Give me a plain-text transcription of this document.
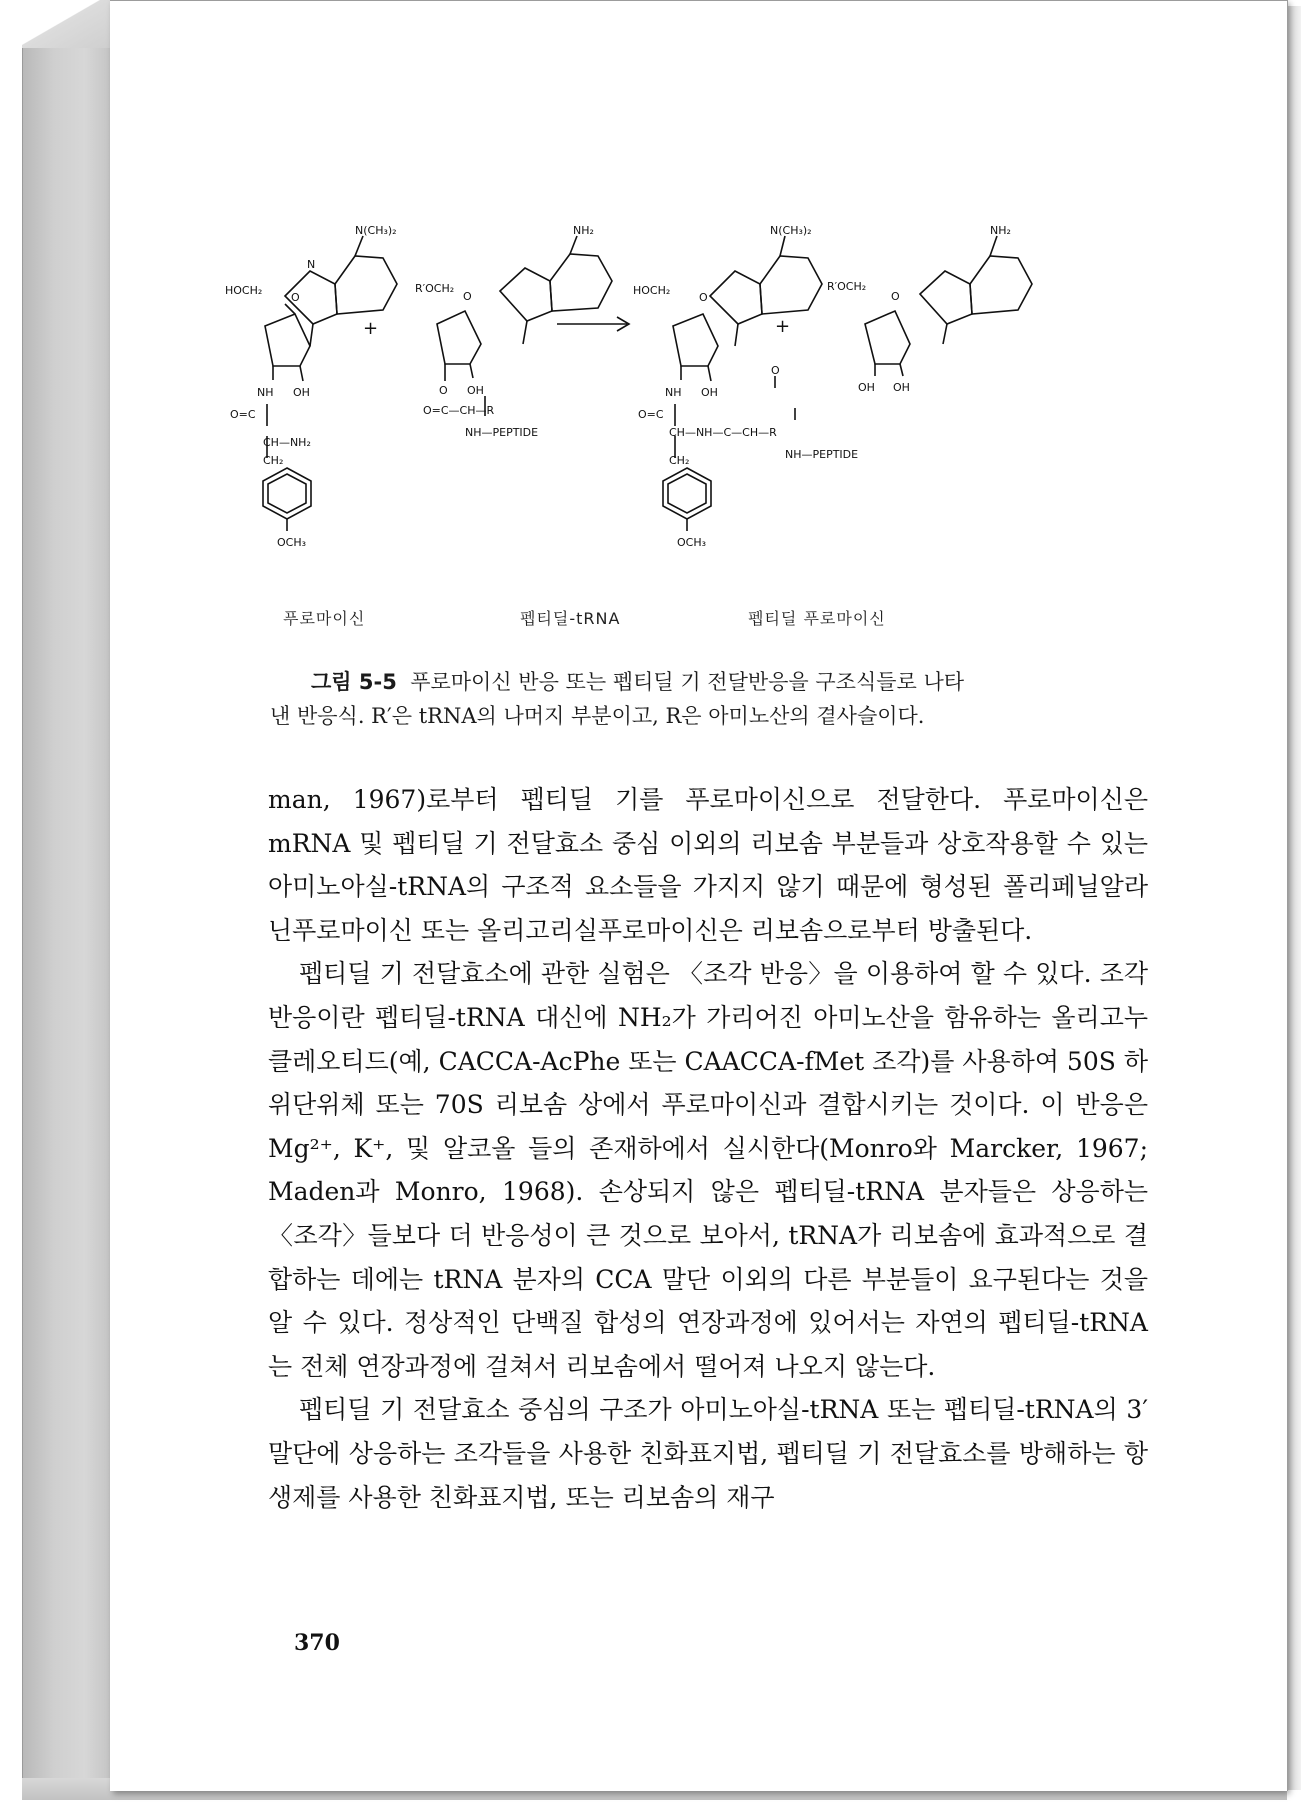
N(CH₃)₂
N
HOCH₂
O
NH OH
O=C
CH—NH₂
CH₂
OCH₃
+
NH₂
R′OCH₂
O
O OH
O=C—CH—R
NH—PEPTIDE
N(CH₃)₂
HOCH₂
O
NH OH
O=C
O
CH—NH—C—CH—R
NH—PEPTIDE
CH₂
OCH₃
+
NH₂
R′OCH₂
O
OH OH
푸로마이신	펩티딜-tRNA	펩티딜 푸로마이신
그림 5-5 푸로마이신 반응 또는 펩티딜 기 전달반응을 구조식들로 나타
낸 반응식. R′은 tRNA의 나머지 부분이고, R은 아미노산의 곁사슬이다.

man, 1967)로부터 펩티딜 기를 푸로마이신으로 전달한다. 푸로마이신은 mRNA 및 펩티딜 기 전달효소 중심 이외의 리보솜 부분들과 상호작용할 수 있는 아미노아실-tRNA의 구조적 요소들을 가지지 않기 때문에 형성된 폴리페닐알라닌푸로마이신 또는 올리고리실푸로마이신은 리보솜으로부터 방출된다.

펩티딜 기 전달효소에 관한 실험은 〈조각 반응〉을 이용하여 할 수 있다. 조각 반응이란 펩티딜-tRNA 대신에 NH₂가 가리어진 아미노산을 함유하는 올리고누클레오티드(예, CACCA-AcPhe 또는 CAACCA-fMet 조각)를 사용하여 50S 하위단위체 또는 70S 리보솜 상에서 푸로마이신과 결합시키는 것이다. 이 반응은 Mg²⁺, K⁺, 및 알코올 들의 존재하에서 실시한다(Monro와 Marcker, 1967; Maden과 Monro, 1968). 손상되지 않은 펩티딜-tRNA 분자들은 상응하는 〈조각〉들보다 더 반응성이 큰 것으로 보아서, tRNA가 리보솜에 효과적으로 결합하는 데에는 tRNA 분자의 CCA 말단 이외의 다른 부분들이 요구된다는 것을 알 수 있다. 정상적인 단백질 합성의 연장과정에 있어서는 자연의 펩티딜-tRNA는 전체 연장과정에 걸쳐서 리보솜에서 떨어져 나오지 않는다.

펩티딜 기 전달효소 중심의 구조가 아미노아실-tRNA 또는 펩티딜-tRNA의 3′ 말단에 상응하는 조각들을 사용한 친화표지법, 펩티딜 기 전달효소를 방해하는 항생제를 사용한 친화표지법, 또는 리보솜의 재구

370
